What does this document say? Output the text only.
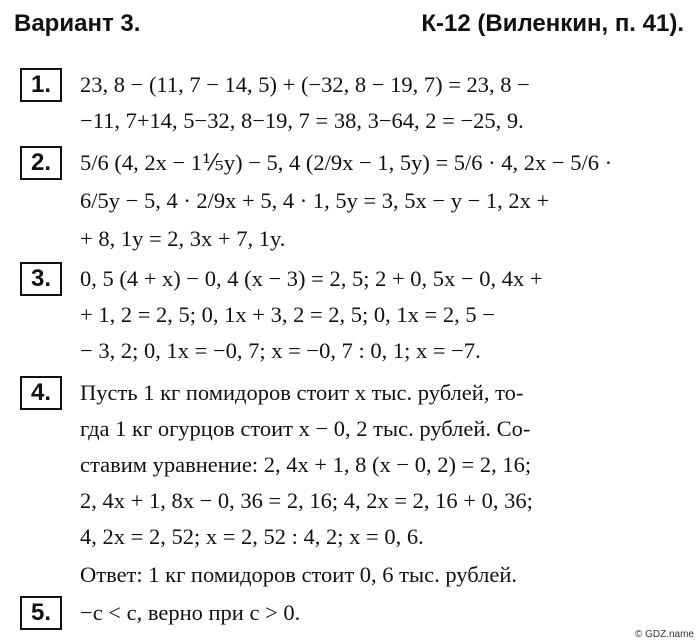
Вариант 3.	К-12 (Виленкин, п. 41).
1.	23, 8 − (11, 7 − 14, 5) + (−32, 8 − 19, 7) = 23, 8 −
−11, 7+14, 5−32, 8−19, 7 = 38, 3−64, 2 = −25, 9.
2.	5/6 (4, 2x − 1⅕y) − 5, 4 (2/9x − 1, 5y) = 5/6 · 4, 2x − 5/6 ·
6/5y − 5, 4 · 2/9x + 5, 4 · 1, 5y = 3, 5x − y − 1, 2x +
+ 8, 1y = 2, 3x + 7, 1y.
3.	0, 5 (4 + x) − 0, 4 (x − 3) = 2, 5; 2 + 0, 5x − 0, 4x +
+ 1, 2 = 2, 5; 0, 1x + 3, 2 = 2, 5; 0, 1x = 2, 5 −
− 3, 2; 0, 1x = −0, 7; x = −0, 7 : 0, 1; x = −7.
4.	Пусть 1 кг помидоров стоит x тыс. рублей, то-
гда 1 кг огурцов стоит x − 0, 2 тыс. рублей. Со-
ставим уравнение: 2, 4x + 1, 8 (x − 0, 2) = 2, 16;
2, 4x + 1, 8x − 0, 36 = 2, 16; 4, 2x = 2, 16 + 0, 36;
4, 2x = 2, 52; x = 2, 52 : 4, 2; x = 0, 6.
Ответ: 1 кг помидоров стоит 0, 6 тыс. рублей.
5.	−c < c, верно при c > 0.
© GDZ.name
